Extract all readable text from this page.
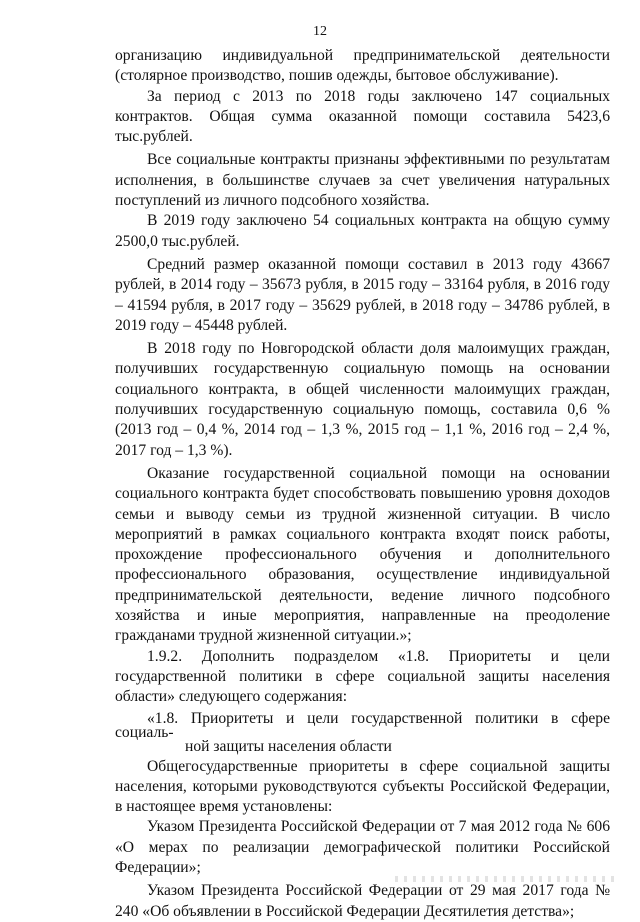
12

организацию индивидуальной предпринимательской деятельности (столярное производство, пошив одежды, бытовое обслуживание).

За период с 2013 по 2018 годы заключено 147 социальных контрактов. Общая сумма оказанной помощи составила 5423,6 тыс.рублей.

Все социальные контракты признаны эффективными по результатам исполнения, в большинстве случаев за счет увеличения натуральных поступлений из личного подсобного хозяйства.

В 2019 году заключено 54 социальных контракта на общую сумму 2500,0 тыс.рублей.

Средний размер оказанной помощи составил в 2013 году 43667 рублей, в 2014 году – 35673 рубля, в 2015 году – 33164 рубля, в 2016 году – 41594 рубля, в 2017 году – 35629 рублей, в 2018 году – 34786 рублей, в 2019 году – 45448 рублей.

В 2018 году по Новгородской области доля малоимущих граждан, получивших государственную социальную помощь на основании социального контракта, в общей численности малоимущих граждан, получивших государственную социальную помощь, составила 0,6 % (2013 год – 0,4 %, 2014 год – 1,3 %, 2015 год – 1,1 %, 2016 год – 2,4 %, 2017 год – 1,3 %).

Оказание государственной социальной помощи на основании социального контракта будет способствовать повышению уровня доходов семьи и выводу семьи из трудной жизненной ситуации. В число мероприятий в рамках социального контракта входят поиск работы, прохождение профессионального обучения и дополнительного профессионального образования, осуществление индивидуальной предпринимательской деятельности, ведение личного подсобного хозяйства и иные мероприятия, направленные на преодоление гражданами трудной жизненной ситуации.»;

1.9.2. Дополнить подразделом «1.8. Приоритеты и цели государственной политики в сфере социальной защиты населения области» следующего содержания:

«1.8. Приоритеты и цели государственной политики в сфере социаль-
ной защиты населения области

Общегосударственные приоритеты в сфере социальной защиты населения, которыми руководствуются субъекты Российской Федерации, в настоящее время установлены:

Указом Президента Российской Федерации от 7 мая 2012 года № 606 «О мерах по реализации демографической политики Российской Федерации»;

Указом Президента Российской Федерации от 29 мая 2017 года № 240 «Об объявлении в Российской Федерации Десятилетия детства»;
